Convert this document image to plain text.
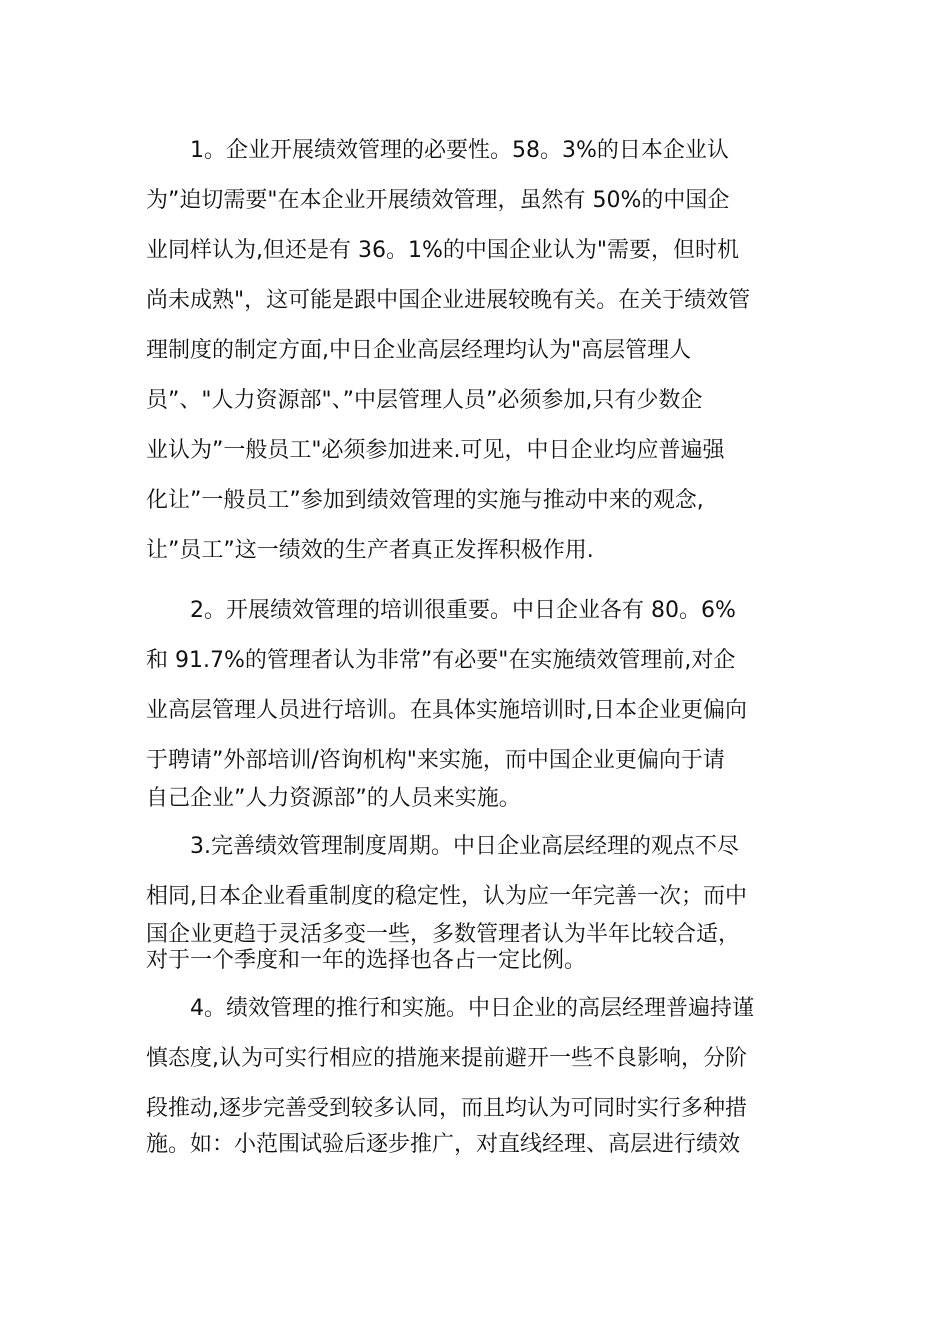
1。企业开展绩效管理的必要性。58。3%的日本企业认
为”迫切需要"在本企业开展绩效管理，虽然有 50%的中国企
业同样认为,但还是有 36。1%的中国企业认为"需要，但时机
尚未成熟"，这可能是跟中国企业进展较晚有关。在关于绩效管
理制度的制定方面,中日企业高层经理均认为"高层管理人
员”、"人力资源部"、”中层管理人员”必须参加,只有少数企
业认为”一般员工"必须参加进来.可见，中日企业均应普遍强
化让”一般员工”参加到绩效管理的实施与推动中来的观念,
让”员工”这一绩效的生产者真正发挥积极作用.
2。开展绩效管理的培训很重要。中日企业各有 80。6%
和 91.7%的管理者认为非常”有必要"在实施绩效管理前,对企
业高层管理人员进行培训。在具体实施培训时,日本企业更偏向
于聘请”外部培训/咨询机构"来实施，而中国企业更偏向于请
自己企业”人力资源部”的人员来实施。
3.完善绩效管理制度周期。中日企业高层经理的观点不尽
相同,日本企业看重制度的稳定性，认为应一年完善一次；而中
国企业更趋于灵活多变一些，多数管理者认为半年比较合适，
对于一个季度和一年的选择也各占一定比例。
4。绩效管理的推行和实施。中日企业的高层经理普遍持谨
慎态度,认为可实行相应的措施来提前避开一些不良影响，分阶
段推动,逐步完善受到较多认同，而且均认为可同时实行多种措
施。如：小范围试验后逐步推广，对直线经理、高层进行绩效
